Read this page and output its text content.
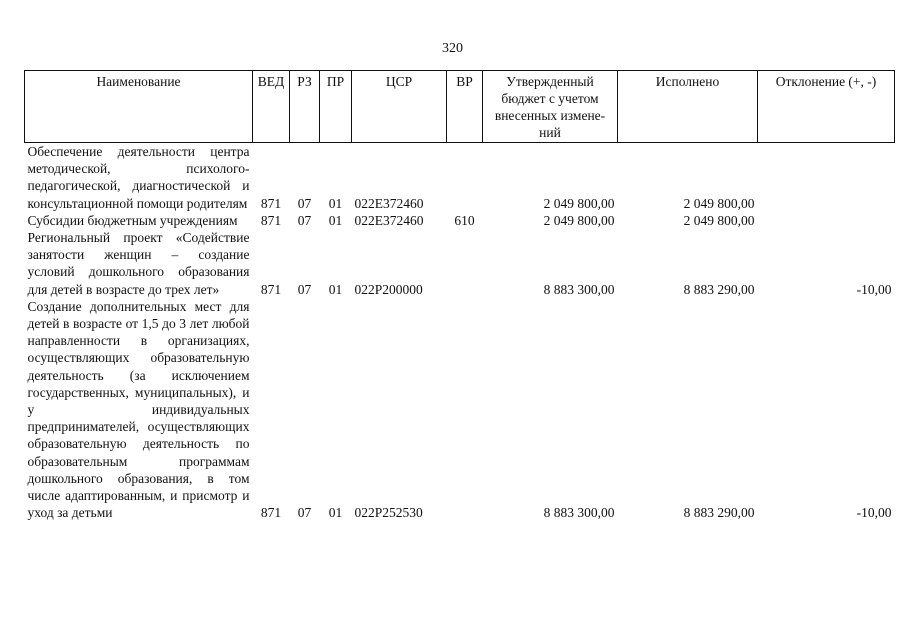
320
Наименование	ВЕД	РЗ	ПР	ЦСР	ВР	Утвержденный бюджет с учетом внесенных измене-ний	Исполнено	Отклонение (+, -)
Обеспечение деятельности центра методической, психолого-педагогической, диагностической и консультационной помощи родителям	871	07	01	022E372460		2 049 800,00	2 049 800,00	
Субсидии бюджетным учреждениям	871	07	01	022E372460	610	2 049 800,00	2 049 800,00	
Региональный проект «Содействие занятости женщин – создание условий дошкольного образования для детей в возрасте до трех лет»	871	07	01	022P200000		8 883 300,00	8 883 290,00	-10,00
Создание дополнительных мест для детей в возрасте от 1,5 до 3 лет любой направленности в организациях, осуществляющих образовательную деятельность (за исключением государственных, муниципальных), и у индивидуальных предпринимателей, осуществляющих образовательную деятельность по образовательным программам дошкольного образования, в том числе адаптированным, и присмотр и уход за детьми	871	07	01	022P252530		8 883 300,00	8 883 290,00	-10,00
